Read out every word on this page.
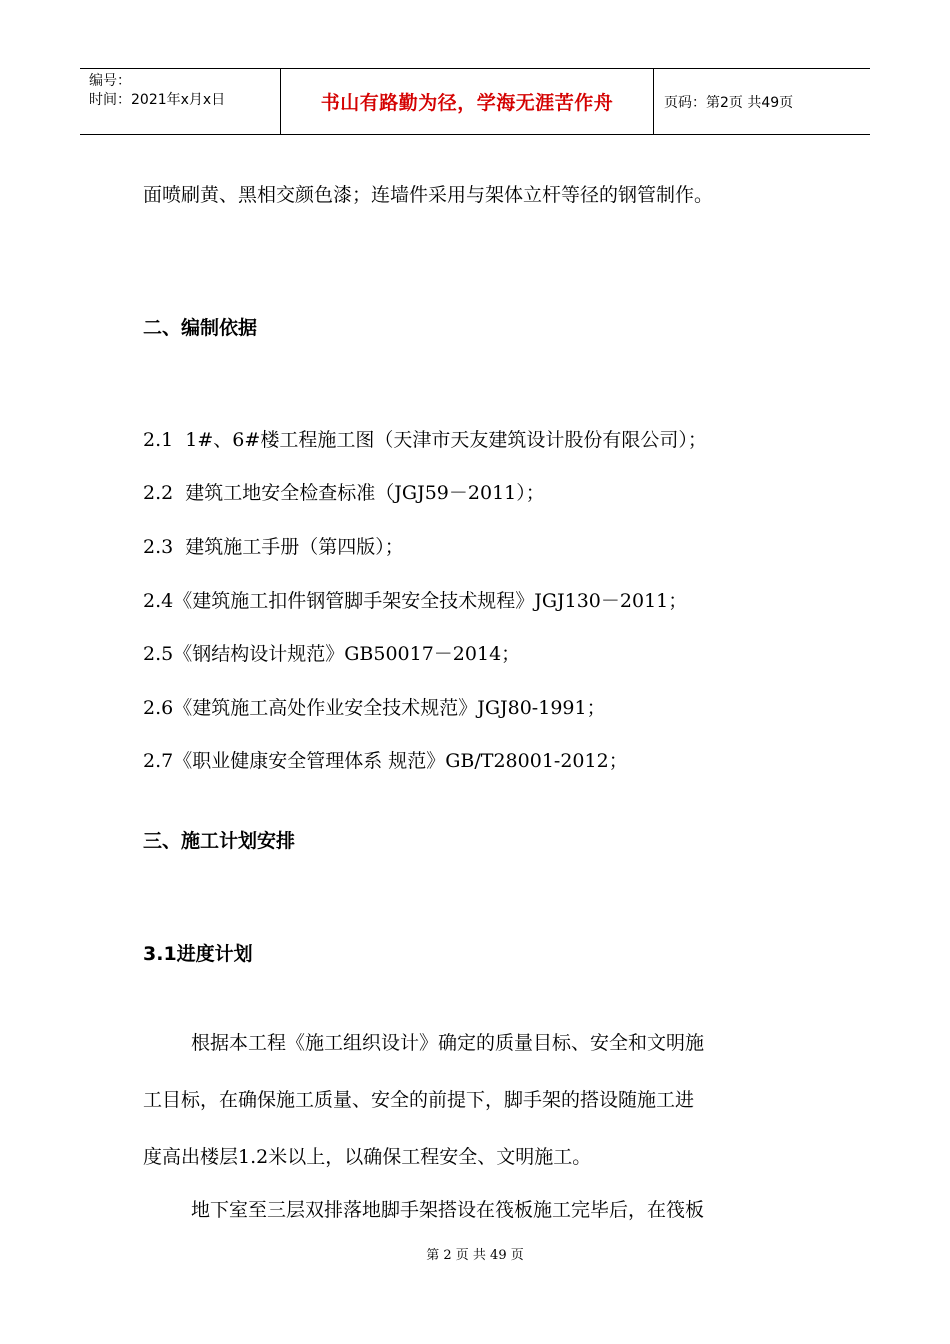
编号：
时间：2021年x月x日	书山有路勤为径，学海无涯苦作舟	页码：第2页 共49页
面喷刷黄、黑相交颜色漆；连墙件采用与架体立杆等径的钢管制作。
二、编制依据
2.1  1#、6#楼工程施工图（天津市天友建筑设计股份有限公司）；
2.2  建筑工地安全检查标准（JGJ59－2011）；
2.3  建筑施工手册（第四版）；
2.4《建筑施工扣件钢管脚手架安全技术规程》JGJ130－2011；
2.5《钢结构设计规范》GB50017－2014；
2.6《建筑施工高处作业安全技术规范》JGJ80-1991；
2.7《职业健康安全管理体系 规范》GB/T28001-2012；
三、施工计划安排
3.1进度计划
根据本工程《施工组织设计》确定的质量目标、安全和文明施
工目标，在确保施工质量、安全的前提下，脚手架的搭设随施工进
度高出楼层1.2米以上，以确保工程安全、文明施工。
地下室至三层双排落地脚手架搭设在筏板施工完毕后，在筏板
第 2 页 共 49 页
